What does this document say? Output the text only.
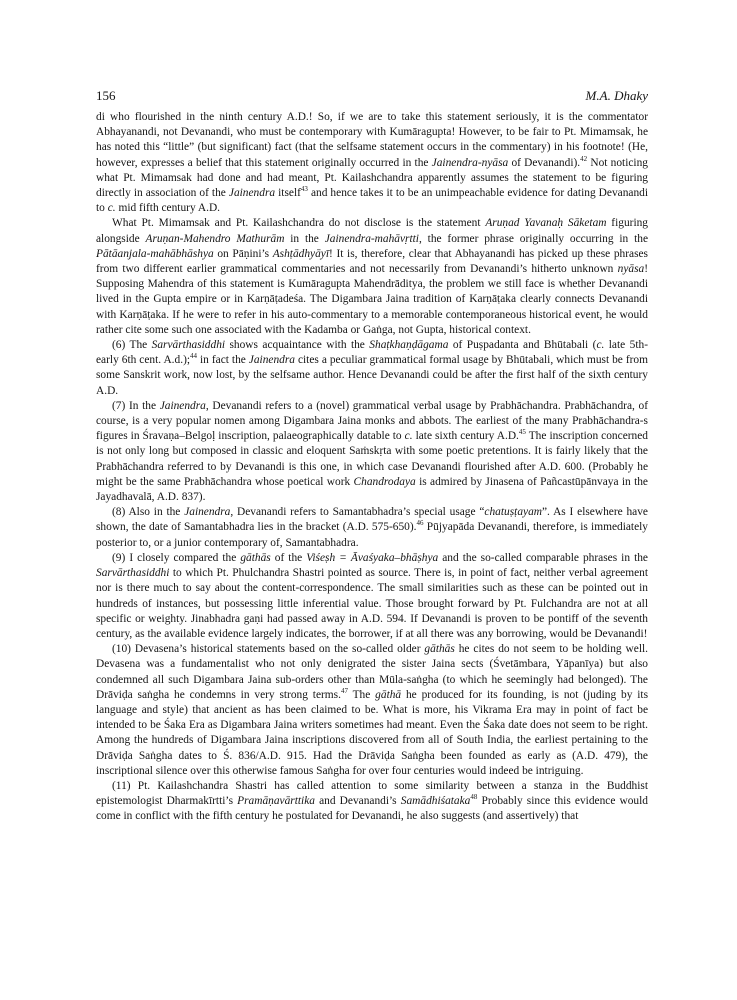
156	M.A. Dhaky

di who flourished in the ninth century A.D.! So, if we are to take this statement seriously, it is the commentator Abhayanandi, not Devanandi, who must be contemporary with Kumāragupta! However, to be fair to Pt. Mimamsak, he has noted this “little” (but significant) fact (that the selfsame statement occurs in the commentary) in his footnote! (He, however, expresses a belief that this statement originally occurred in the Jainendra-nyāsa of Devanandi).$^{42}$ Not noticing what Pt. Mimamsak had done and had meant, Pt. Kailashchandra apparently assumes the statement to be figuring directly in association of the Jainendra itself$^{43}$ and hence takes it to be an unimpeachable evidence for dating Devanandi to c. mid fifth century A.D.

What Pt. Mimamsak and Pt. Kailashchandra do not disclose is the statement Aruṇad Yavanaḥ Sāketam figuring alongside Aruṇan-Mahendro Mathurām in the Jainendra-mahāvṛtti, the former phrase originally occurring in the Pātāanjala-mahābhāshya on Pāṇini’s Ashṭādhyāyī! It is, therefore, clear that Abhayanandi has picked up these phrases from two different earlier grammatical commentaries and not necessarily from Devanandi’s hitherto unknown nyāsa! Supposing Mahendra of this statement is Kumāragupta Mahendrāditya, the problem we still face is whether Devanandi lived in the Gupta empire or in Karṇāṭadeśa. The Digambara Jaina tradition of Karṇāṭaka clearly connects Devanandi with Karṇāṭaka. If he were to refer in his auto-commentary to a memorable contemporaneous historical event, he would rather cite some such one associated with the Kadamba or Gaṅga, not Gupta, historical context.

(6) The Sarvārthasiddhi shows acquaintance with the Shaṭkhaṇḍāgama of Puṣpadanta and Bhūtabali (c. late 5th-early 6th cent. A.d.);$^{44}$ in fact the Jainendra cites a peculiar grammatical formal usage by Bhūtabali, which must be from some Sanskrit work, now lost, by the selfsame author. Hence Devanandi could be after the first half of the sixth century A.D.

(7) In the Jainendra, Devanandi refers to a (novel) grammatical verbal usage by Prabhāchandra. Prabhāchandra, of course, is a very popular nomen among Digambara Jaina monks and abbots. The earliest of the many Prabhāchandra-s figures in Śravaṇa–Belgoḷ inscription, palaeographically datable to c. late sixth century A.D.$^{45}$ The inscription concerned is not only long but composed in classic and eloquent Saṁskṛta with some poetic pretentions. It is fairly likely that the Prabhāchandra referred to by Devanandi is this one, in which case Devanandi flourished after A.D. 600. (Probably he might be the same Prabhāchandra whose poetical work Chandrodaya is admired by Jinasena of Pañcastūpānvaya in the Jayadhavalā, A.D. 837).

(8) Also in the Jainendra, Devanandi refers to Samantabhadra’s special usage “chatuṣṭayam”. As I elsewhere have shown, the date of Samantabhadra lies in the bracket (A.D. 575-650).$^{46}$ Pūjyapāda Devanandi, therefore, is immediately posterior to, or a junior contemporary of, Samantabhadra.

(9) I closely compared the gāthās of the Viśeṣh = Āvaśyaka–bhāṣhya and the so-called comparable phrases in the Sarvārthasiddhi to which Pt. Phulchandra Shastri pointed as source. There is, in point of fact, neither verbal agreement nor is there much to say about the content-correspondence. The small similarities such as these can be pointed out in hundreds of instances, but possessing little inferential value. Those brought forward by Pt. Fulchandra are not at all specific or weighty. Jinabhadra gaṇi had passed away in A.D. 594. If Devanandi is proven to be pontiff of the seventh century, as the available evidence largely indicates, the borrower, if at all there was any borrowing, would be Devanandi!

(10) Devasena’s historical statements based on the so-called older gāthās he cites do not seem to be holding well. Devasena was a fundamentalist who not only denigrated the sister Jaina sects (Śvetāmbara, Yāpanīya) but also condemned all such Digambara Jaina sub-orders other than Mūla-saṅgha (to which he seemingly had belonged). The Drāviḍa saṅgha he condemns in very strong terms.$^{47}$ The gāthā he produced for its founding, is not (juding by its language and style) that ancient as has been claimed to be. What is more, his Vikrama Era may in point of fact be intended to be Śaka Era as Digambara Jaina writers sometimes had meant. Even the Śaka date does not seem to be right. Among the hundreds of Digambara Jaina inscriptions discovered from all of South India, the earliest pertaining to the Drāviḍa Saṅgha dates to Ś. 836/A.D. 915. Had the Drāviḍa Saṅgha been founded as early as (A.D. 479), the inscriptional silence over this otherwise famous Saṅgha for over four centuries would indeed be intriguing.

(11) Pt. Kailashchandra Shastri has called attention to some similarity between a stanza in the Buddhist epistemologist Dharmakīrtti’s Pramāṇavārttika and Devanandi’s Samādhiśataka$^{48}$ Probably since this evidence would come in conflict with the fifth century he postulated for Devanandi, he also suggests (and assertively) that
